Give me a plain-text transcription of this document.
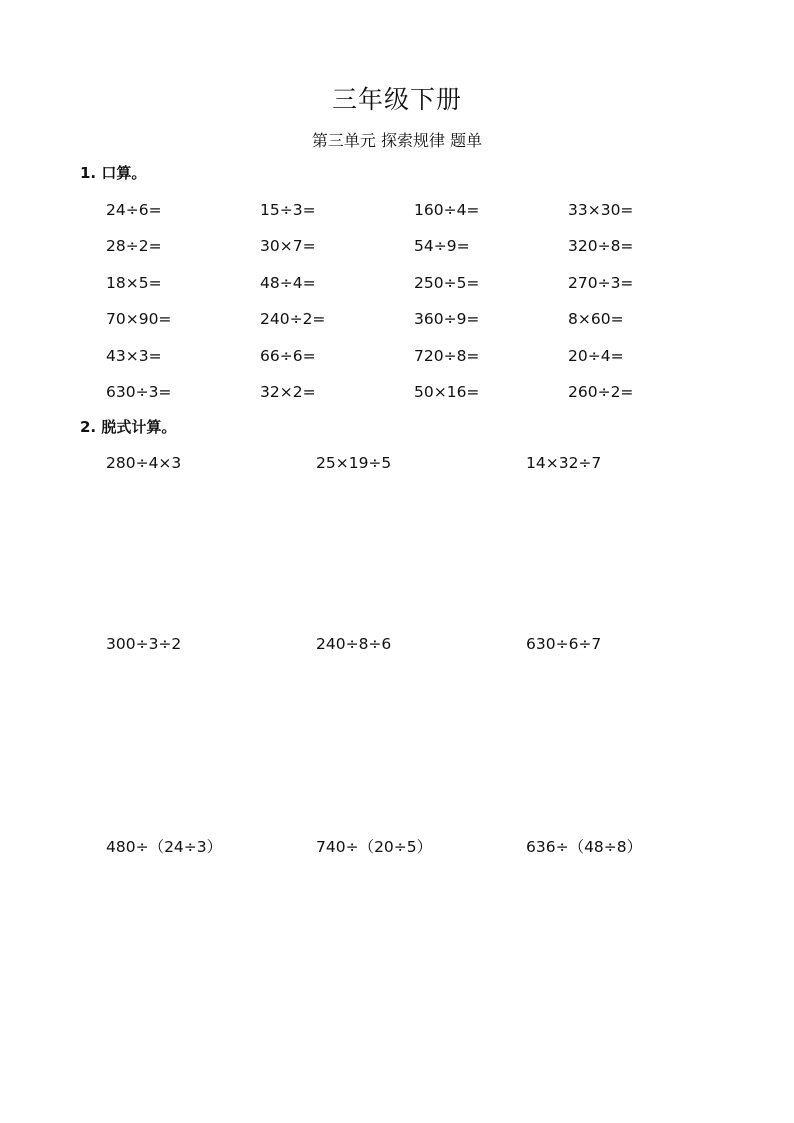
三年级下册
第三单元 探索规律 题单
1. 口算。
24÷6=	15÷3=	160÷4=	33×30=
28÷2=	30×7=	54÷9=	320÷8=
18×5=	48÷4=	250÷5=	270÷3=
70×90=	240÷2=	360÷9=	8×60=
43×3=	66÷6=	720÷8=	20÷4=
630÷3=	32×2=	50×16=	260÷2=
2. 脱式计算。
280÷4×3	25×19÷5	14×32÷7
300÷3÷2	240÷8÷6	630÷6÷7
480÷（24÷3）	740÷（20÷5）	636÷（48÷8）
